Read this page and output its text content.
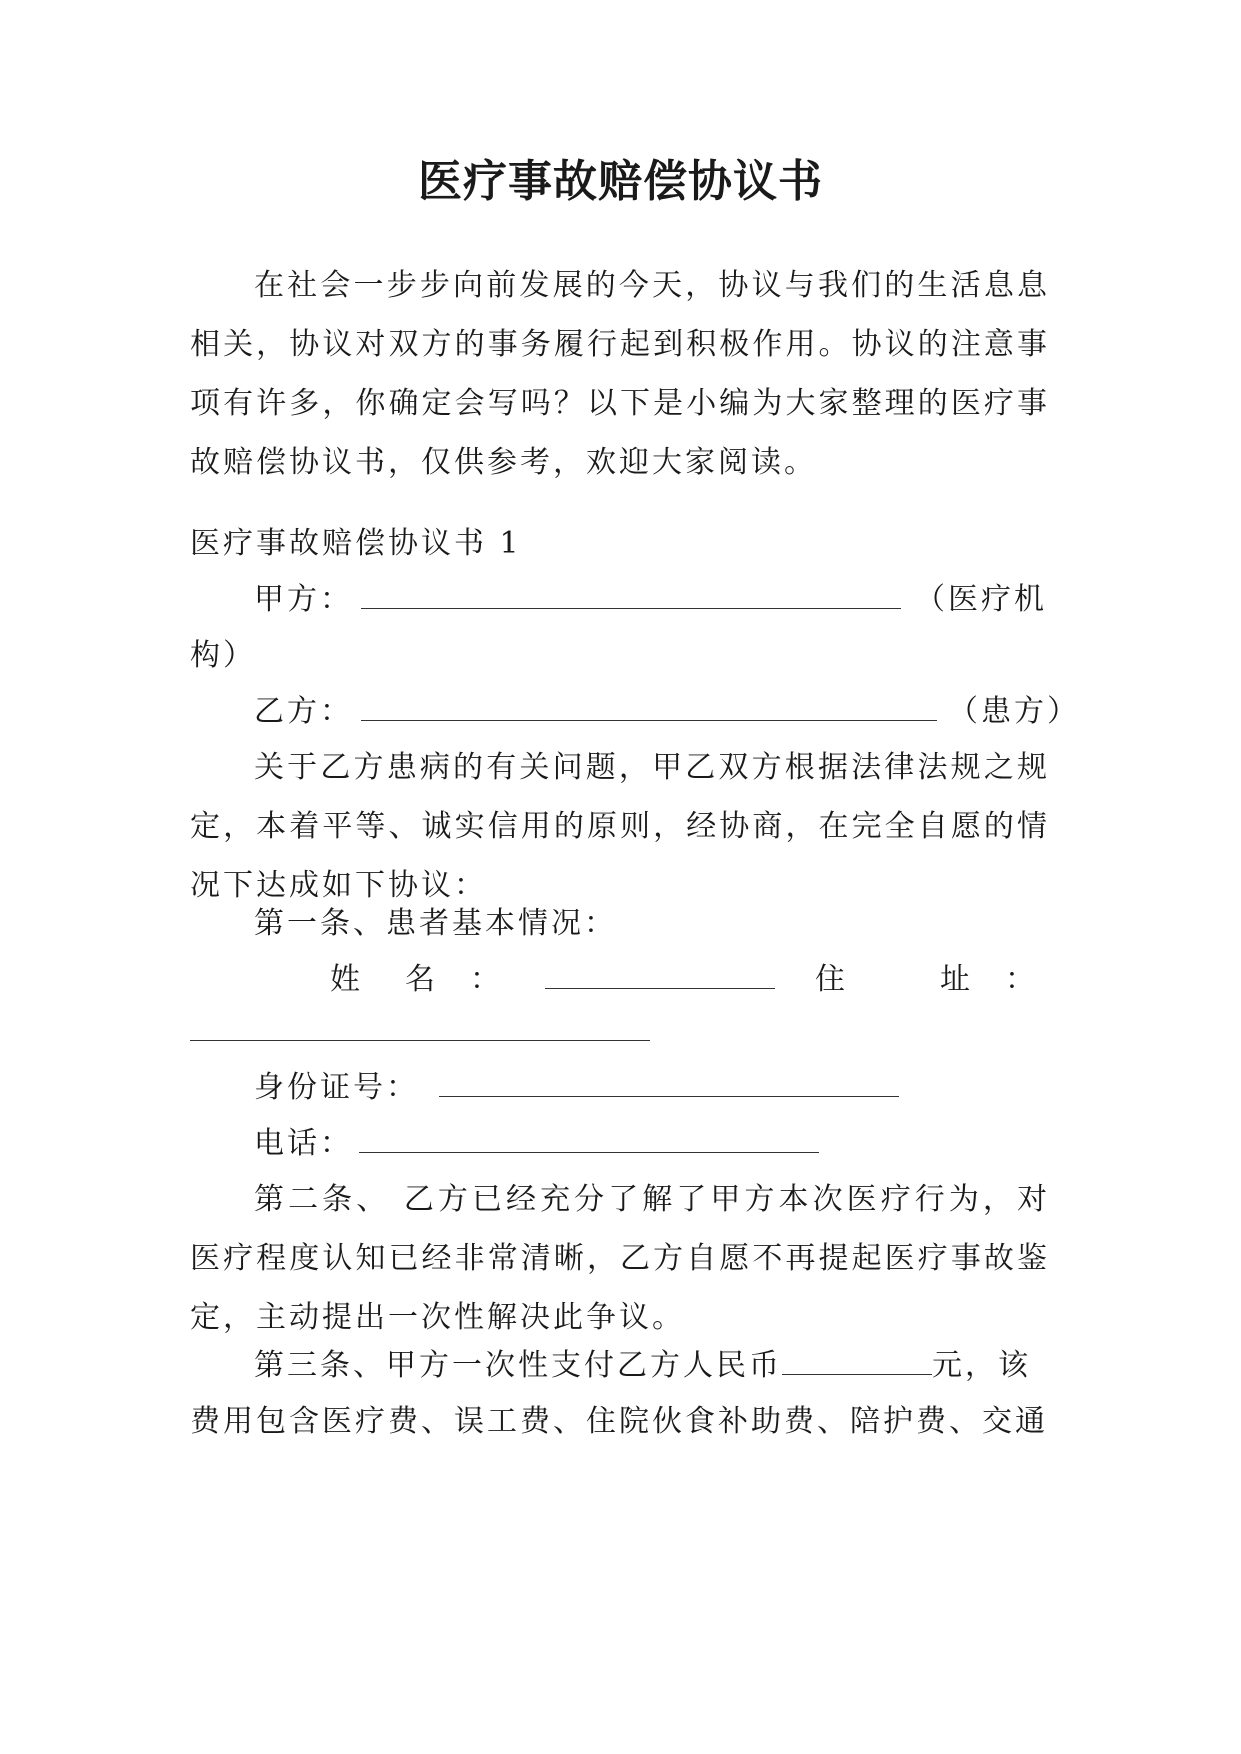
医疗事故赔偿协议书
在社会一步步向前发展的今天，协议与我们的生活息息相关，协议对双方的事务履行起到积极作用。协议的注意事项有许多，你确定会写吗？以下是小编为大家整理的医疗事故赔偿协议书，仅供参考，欢迎大家阅读。
医疗事故赔偿协议书 1
甲方：	（医疗机
构）
乙方：	（患方）
关于乙方患病的有关问题，甲乙双方根据法律法规之规定，本着平等、诚实信用的原则，经协商，在完全自愿的情况下达成如下协议：
第一条、患者基本情况：
姓 名 ：	住	址 ：
身份证号：
电话：
第二条、 乙方已经充分了解了甲方本次医疗行为，对医疗程度认知已经非常清晰，乙方自愿不再提起医疗事故鉴定，主动提出一次性解决此争议。
第三条、甲方一次性支付乙方人民币	元，该
费用包含医疗费、误工费、住院伙食补助费、陪护费、交通
